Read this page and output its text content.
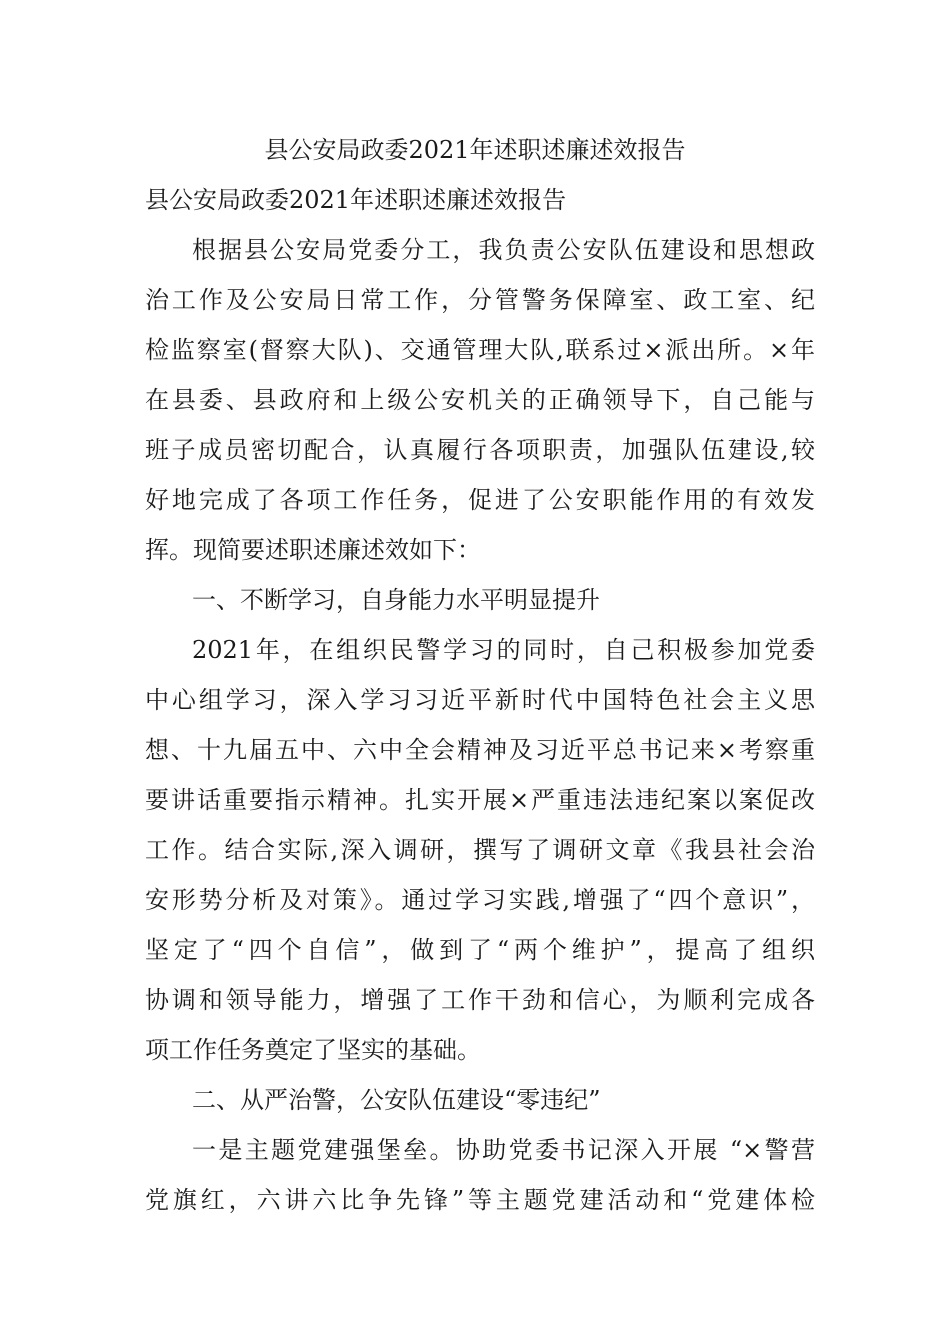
县公安局政委2021年述职述廉述效报告
县公安局政委2021年述职述廉述效报告
根据县公安局党委分工，我负责公安队伍建设和思想政
治工作及公安局日常工作，分管警务保障室、政工室、纪
检监察室(督察大队)、交通管理大队,联系过×派出所。×年
在县委、县政府和上级公安机关的正确领导下，自己能与
班子成员密切配合，认真履行各项职责，加强队伍建设,较
好地完成了各项工作任务，促进了公安职能作用的有效发
挥。现简要述职述廉述效如下：
一、不断学习，自身能力水平明显提升
2021年，在组织民警学习的同时，自己积极参加党委
中心组学习，深入学习习近平新时代中国特色社会主义思
想、十九届五中、六中全会精神及习近平总书记来×考察重
要讲话重要指示精神。扎实开展×严重违法违纪案以案促改
工作。结合实际,深入调研，撰写了调研文章《我县社会治
安形势分析及对策》。通过学习实践,增强了“四个意识”，
坚定了“四个自信”，做到了“两个维护”，提高了组织
协调和领导能力，增强了工作干劲和信心，为顺利完成各
项工作任务奠定了坚实的基础。
二、从严治警，公安队伍建设“零违纪”
一是主题党建强堡垒。协助党委书记深入开展 “×警营
党旗红，六讲六比争先锋”等主题党建活动和“党建体检
